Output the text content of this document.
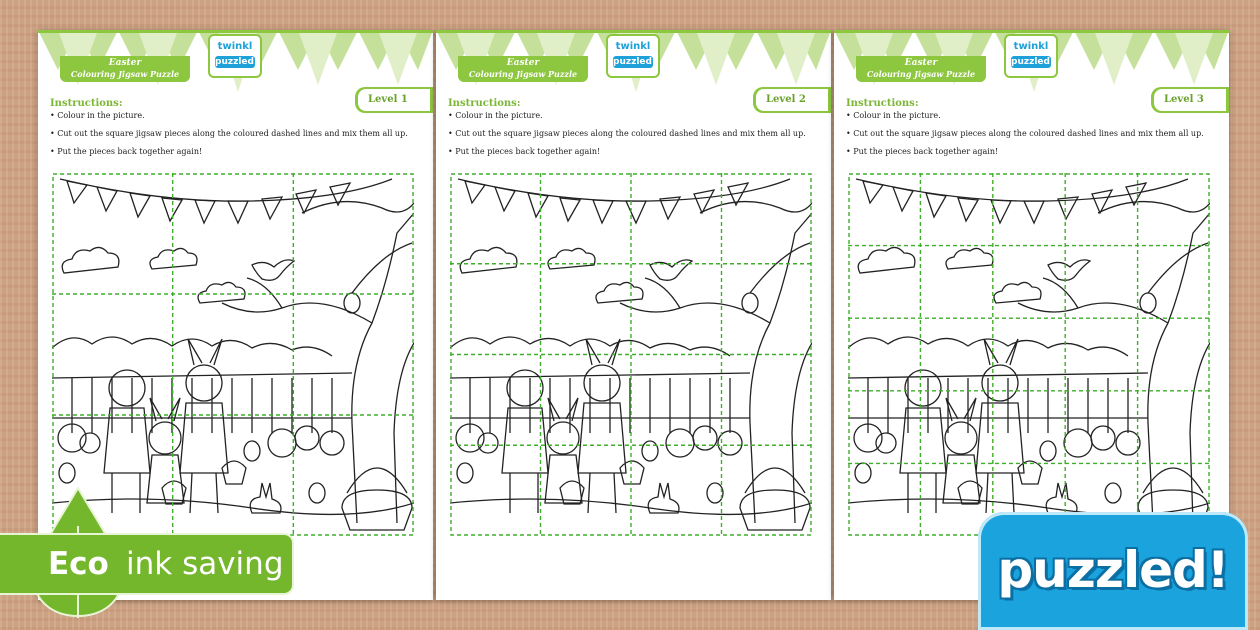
Easter
Colouring Jigsaw Puzzle
twinkl
puzzled!
Level 1
Instructions:
• Colour in the picture.
• Cut out the square jigsaw pieces along the coloured dashed lines and mix them all up.
• Put the pieces back together again!
Easter
Colouring Jigsaw Puzzle
twinkl
puzzled!
Level 2
Instructions:
• Colour in the picture.
• Cut out the square jigsaw pieces along the coloured dashed lines and mix them all up.
• Put the pieces back together again!
Easter
Colouring Jigsaw Puzzle
twinkl
puzzled!
Level 3
Instructions:
• Colour in the picture.
• Cut out the square jigsaw pieces along the coloured dashed lines and mix them all up.
• Put the pieces back together again!
Eco ink saving	puzzled!
